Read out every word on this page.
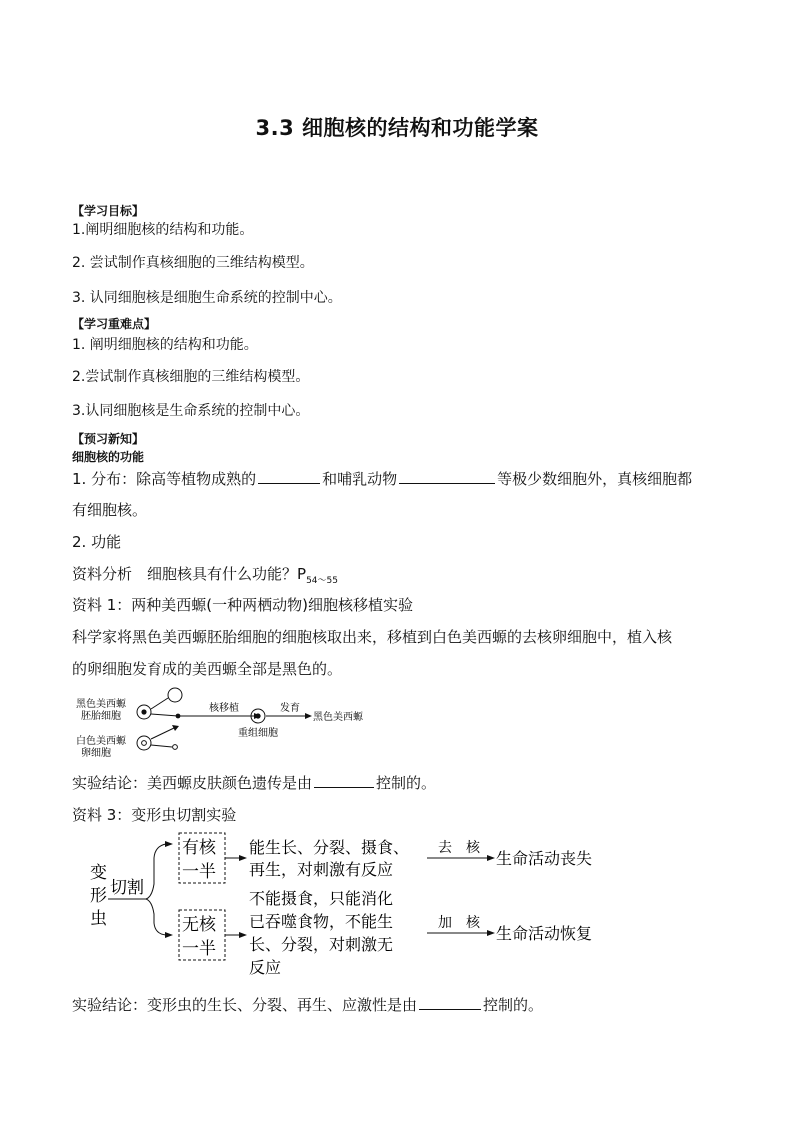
3.3 细胞核的结构和功能学案
【学习目标】
1.阐明细胞核的结构和功能。
2. 尝试制作真核细胞的三维结构模型。
3. 认同细胞核是细胞生命系统的控制中心。
【学习重难点】
1. 阐明细胞核的结构和功能。
2.尝试制作真核细胞的三维结构模型。
3.认同细胞核是生命系统的控制中心。
【预习新知】
细胞核的功能
1. 分布：除高等植物成熟的	和哺乳动物	等极少数细胞外，真核细胞都
有细胞核。
2. 功能
资料分析　细胞核具有什么功能？$P_{54\sim 55}$
资料 1：两种美西螈(一种两栖动物)细胞核移植实验
科学家将黑色美西螈胚胎细胞的细胞核取出来，移植到白色美西螈的去核卵细胞中，植入核
的卵细胞发育成的美西螈全部是黑色的。
黑色美西螈
胚胎细胞
白色美西螈
卵细胞
核移植
重组细胞
发育
黑色美西螈
实验结论：美西螈皮肤颜色遗传是由	控制的。
资料 3：变形虫切割实验
变
形
虫
切割
有核
一半
能生长、分裂、摄食、
再生，对刺激有反应
去　核
生命活动丧失
无核
一半
不能摄食，只能消化
已吞噬食物，不能生
长、分裂，对刺激无
反应
加　核
生命活动恢复
实验结论：变形虫的生长、分裂、再生、应激性是由	控制的。
